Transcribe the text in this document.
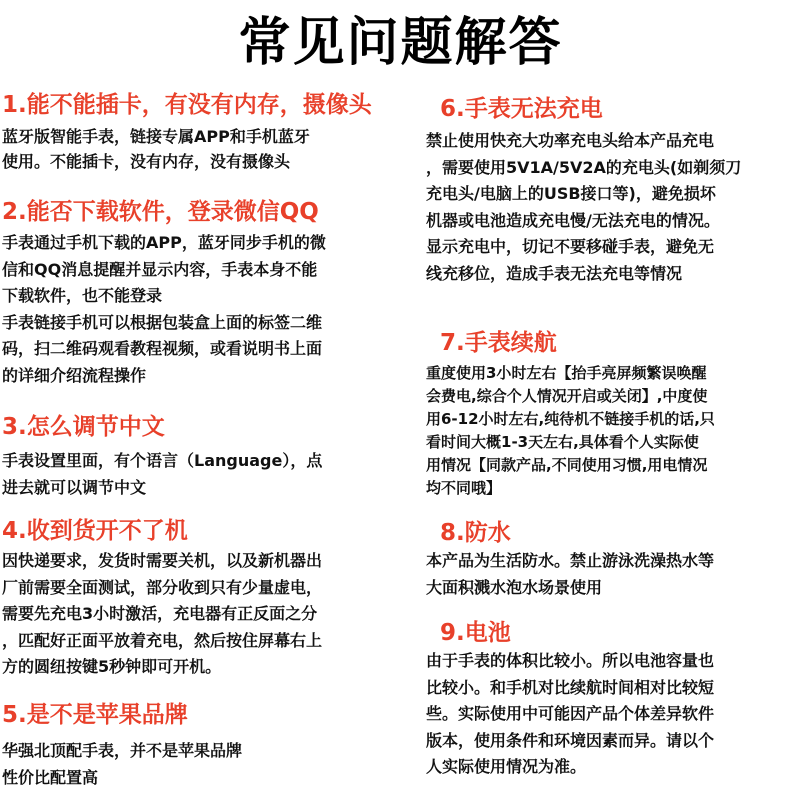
常见问题解答
1.能不能插卡，有没有内存，摄像头
蓝牙版智能手表，链接专属APP和手机蓝牙
使用。不能插卡，没有内存，没有摄像头
2.能否下载软件，登录微信QQ
手表通过手机下载的APP，蓝牙同步手机的微
信和QQ消息提醒并显示内容，手表本身不能
下载软件，也不能登录
手表链接手机可以根据包装盒上面的标签二维
码，扫二维码观看教程视频，或看说明书上面
的详细介绍流程操作
3.怎么调节中文
手表设置里面，有个语言（Language），点
进去就可以调节中文
4.收到货开不了机
因快递要求，发货时需要关机，以及新机器出
厂前需要全面测试，部分收到只有少量虚电，
需要先充电3小时激活，充电器有正反面之分
，匹配好正面平放着充电，然后按住屏幕右上
方的圆纽按键5秒钟即可开机。
5.是不是苹果品牌
华强北顶配手表，并不是苹果品牌
性价比配置高
6.手表无法充电
禁止使用快充大功率充电头给本产品充电
，需要使用5V1A/5V2A的充电头(如剃须刀
充电头/电脑上的USB接口等)，避免损坏
机器或电池造成充电慢/无法充电的情况。
显示充电中，切记不要移碰手表，避免无
线充移位，造成手表无法充电等情况
7.手表续航
重度使用3小时左右【抬手亮屏频繁误唤醒
会费电,综合个人情况开启或关闭】,中度使
用6-12小时左右,纯待机不链接手机的话,只
看时间大概1-3天左右,具体看个人实际使
用情况【同款产品,不同使用习惯,用电情况
均不同哦】
8.防水
本产品为生活防水。禁止游泳洗澡热水等
大面积溅水泡水场景使用
9.电池
由于手表的体积比较小。所以电池容量也
比较小。和手机对比续航时间相对比较短
些。实际使用中可能因产品个体差异软件
版本，使用条件和环境因素而异。请以个
人实际使用情况为准。
